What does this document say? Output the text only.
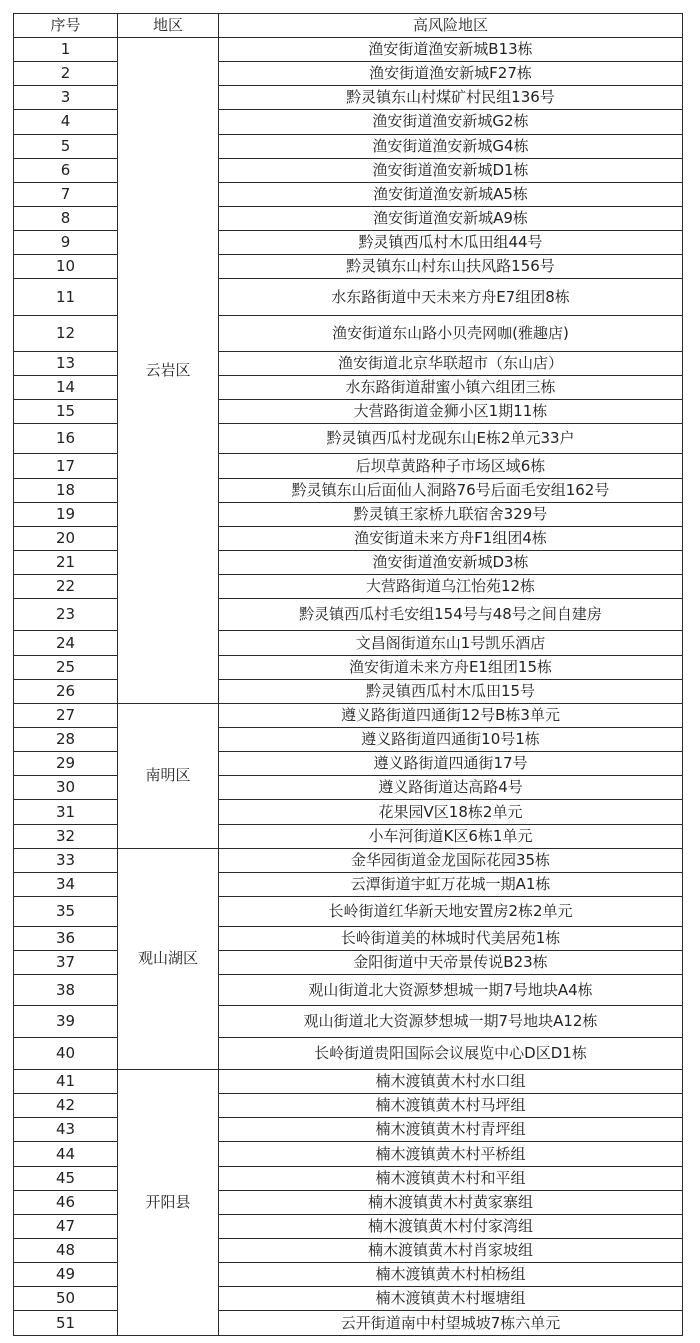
序号	地区	高风险地区
1	云岩区	渔安街道渔安新城B13栋
2		渔安街道渔安新城F27栋
3		黔灵镇东山村煤矿村民组136号
4		渔安街道渔安新城G2栋
5		渔安街道渔安新城G4栋
6		渔安街道渔安新城D1栋
7		渔安街道渔安新城A5栋
8		渔安街道渔安新城A9栋
9		黔灵镇西瓜村木瓜田组44号
10		黔灵镇东山村东山扶风路156号
11		水东路街道中天未来方舟E7组团8栋
12		渔安街道东山路小贝壳网咖(雅趣店)
13		渔安街道北京华联超市（东山店）
14		水东路街道甜蜜小镇六组团三栋
15		大营路街道金狮小区1期11栋
16		黔灵镇西瓜村龙砚东山E栋2单元33户
17		后坝草黄路种子市场区域6栋
18		黔灵镇东山后面仙人洞路76号后面毛安组162号
19		黔灵镇王家桥九联宿舍329号
20		渔安街道未来方舟F1组团4栋
21		渔安街道渔安新城D3栋
22		大营路街道乌江怡苑12栋
23		黔灵镇西瓜村毛安组154号与48号之间自建房
24		文昌阁街道东山1号凯乐酒店
25		渔安街道未来方舟E1组团15栋
26		黔灵镇西瓜村木瓜田15号
27	南明区	遵义路街道四通街12号B栋3单元
28		遵义路街道四通街10号1栋
29		遵义路街道四通街17号
30		遵义路街道达高路4号
31		花果园V区18栋2单元
32		小车河街道K区6栋1单元
33	观山湖区	金华园街道金龙国际花园35栋
34		云潭街道宇虹万花城一期A1栋
35		长岭街道红华新天地安置房2栋2单元
36		长岭街道美的林城时代美居苑1栋
37		金阳街道中天帝景传说B23栋
38		观山街道北大资源梦想城一期7号地块A4栋
39		观山街道北大资源梦想城一期7号地块A12栋
40		长岭街道贵阳国际会议展览中心D区D1栋
41	开阳县	楠木渡镇黄木村水口组
42		楠木渡镇黄木村马坪组
43		楠木渡镇黄木村青坪组
44		楠木渡镇黄木村平桥组
45		楠木渡镇黄木村和平组
46		楠木渡镇黄木村黄家寨组
47		楠木渡镇黄木村付家湾组
48		楠木渡镇黄木村肖家坡组
49		楠木渡镇黄木村柏杨组
50		楠木渡镇黄木村堰塘组
51		云开街道南中村望城坡7栋六单元
